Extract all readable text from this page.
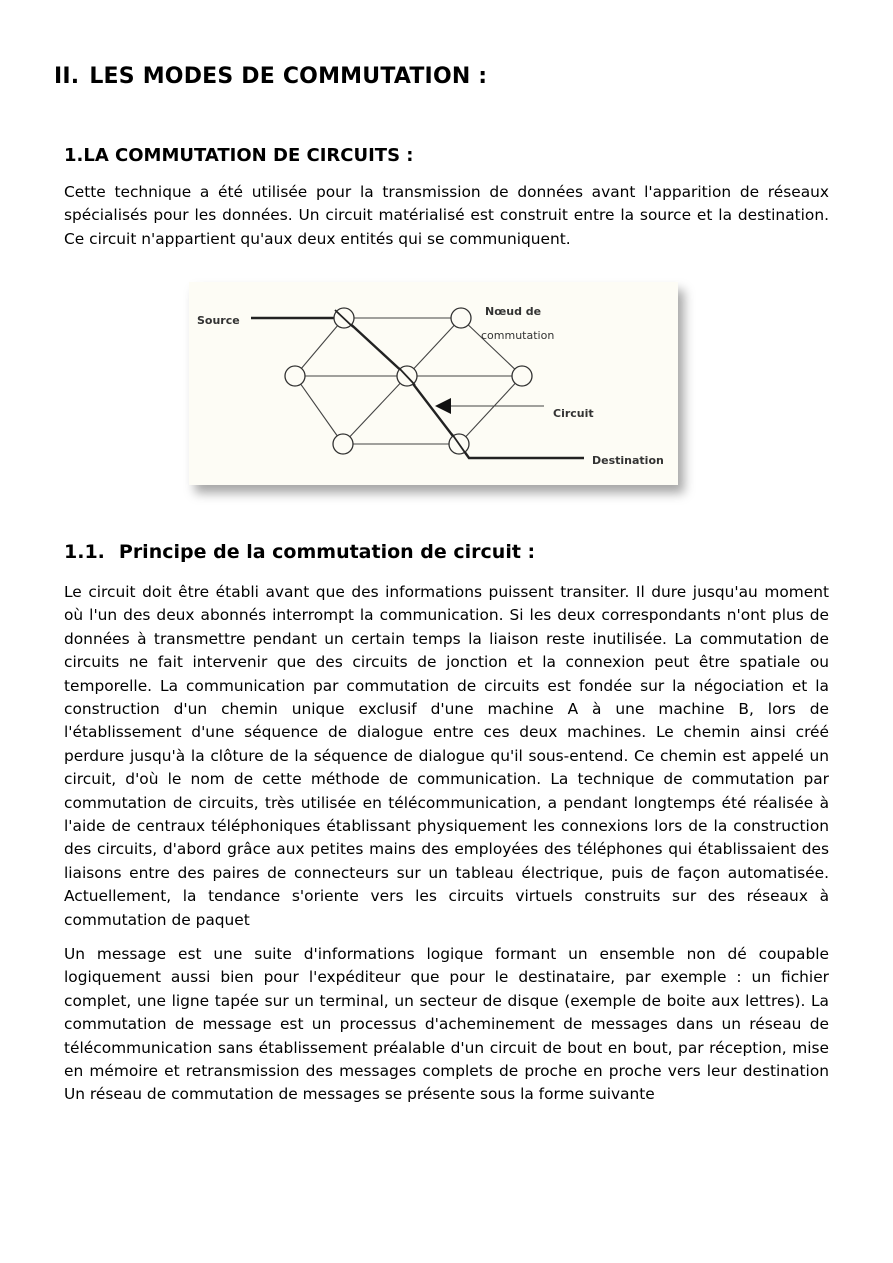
II. LES MODES DE COMMUTATION :
1.LA COMMUTATION DE CIRCUITS :

Cette technique a été utilisée pour la transmission de données avant l'apparition de réseaux spécialisés pour les données. Un circuit matérialisé est construit entre la source et la destination. Ce circuit n'appartient qu'aux deux entités qui se communiquent.

Source
Nœud de
commutation
Circuit
Destination
1.1. Principe de la commutation de circuit :

Le circuit doit être établi avant que des informations puissent transiter. Il dure jusqu'au moment où l'un des deux abonnés interrompt la communication. Si les deux correspondants n'ont plus de données à transmettre pendant un certain temps la liaison reste inutilisée. La commutation de circuits ne fait intervenir que des circuits de jonction et la connexion peut être spatiale ou temporelle. La communication par commutation de circuits est fondée sur la négociation et la construction d'un chemin unique exclusif d'une machine A à une machine B, lors de l'établissement d'une séquence de dialogue entre ces deux machines. Le chemin ainsi créé perdure jusqu'à la clôture de la séquence de dialogue qu'il sous-entend. Ce chemin est appelé un circuit, d'où le nom de cette méthode de communication. La technique de commutation par commutation de circuits, très utilisée en télécommunication, a pendant longtemps été réalisée à l'aide de centraux téléphoniques établissant physiquement les connexions lors de la construction des circuits, d'abord grâce aux petites mains des employées des téléphones qui établissaient des liaisons entre des paires de connecteurs sur un tableau électrique, puis de façon automatisée. Actuellement, la tendance s'oriente vers les circuits virtuels construits sur des réseaux à commutation de paquet

Un message est une suite d'informations logique formant un ensemble non dé coupable logiquement aussi bien pour l'expéditeur que pour le destinataire, par exemple : un fichier complet, une ligne tapée sur un terminal, un secteur de disque (exemple de boite aux lettres). La commutation de message est un processus d'acheminement de messages dans un réseau de télécommunication sans établissement préalable d'un circuit de bout en bout, par réception, mise en mémoire et retransmission des messages complets de proche en proche vers leur destination Un réseau de commutation de messages se présente sous la forme suivante
